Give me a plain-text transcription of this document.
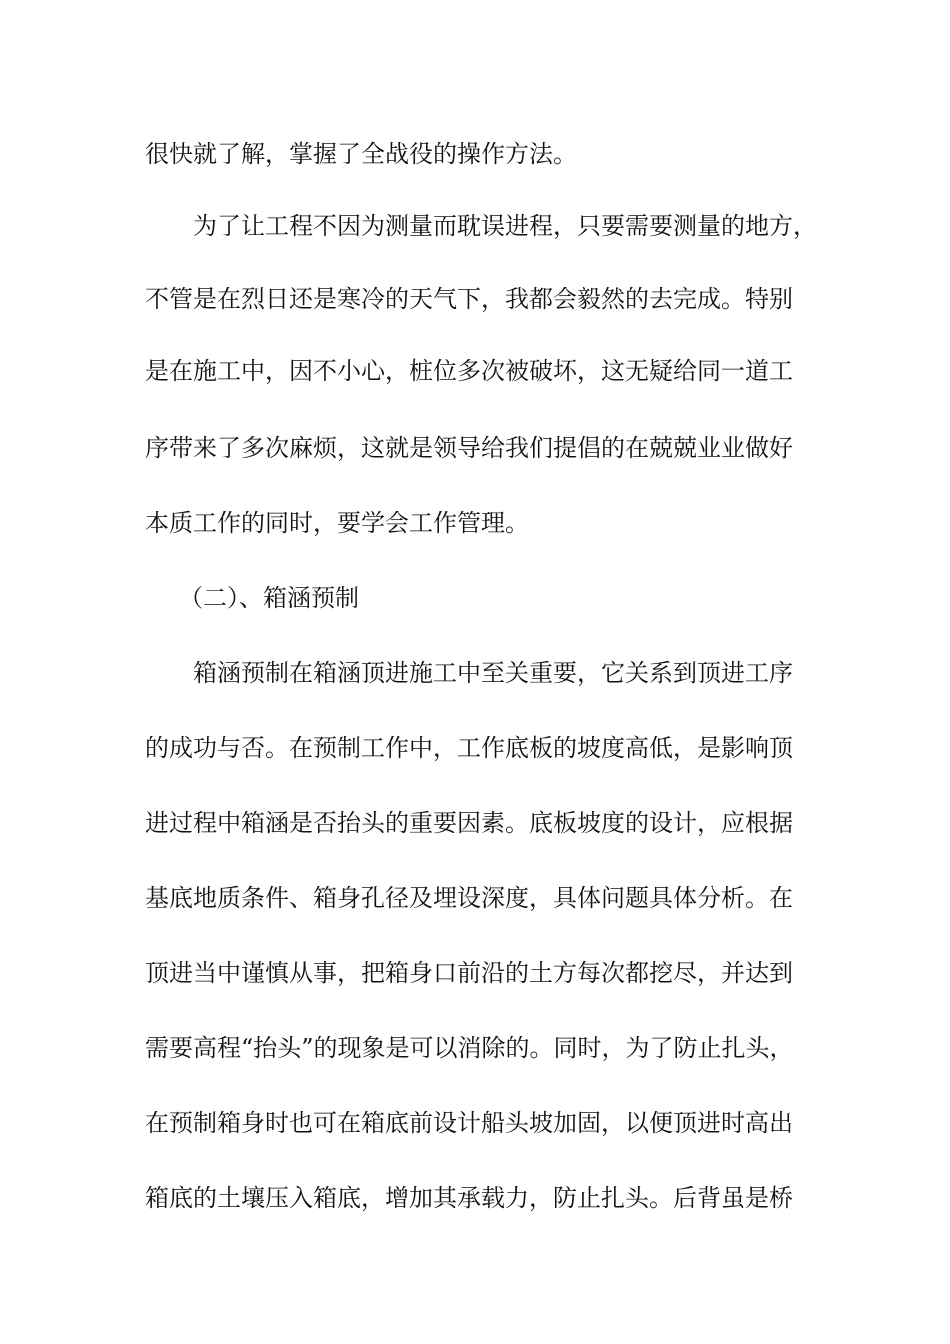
很快就了解，掌握了全战役的操作方法。
为了让工程不因为测量而耽误进程，只要需要测量的地方，
不管是在烈日还是寒冷的天气下，我都会毅然的去完成。特别
是在施工中，因不小心，桩位多次被破坏，这无疑给同一道工
序带来了多次麻烦，这就是领导给我们提倡的在兢兢业业做好
本质工作的同时，要学会工作管理。
（二）、箱涵预制
箱涵预制在箱涵顶进施工中至关重要，它关系到顶进工序
的成功与否。在预制工作中，工作底板的坡度高低，是影响顶
进过程中箱涵是否抬头的重要因素。底板坡度的设计，应根据
基底地质条件、箱身孔径及埋设深度，具体问题具体分析。在
顶进当中谨慎从事，把箱身口前沿的土方每次都挖尽，并达到
需要高程“抬头”的现象是可以消除的。同时，为了防止扎头，
在预制箱身时也可在箱底前设计船头坡加固，以便顶进时高出
箱底的土壤压入箱底，增加其承载力，防止扎头。后背虽是桥
